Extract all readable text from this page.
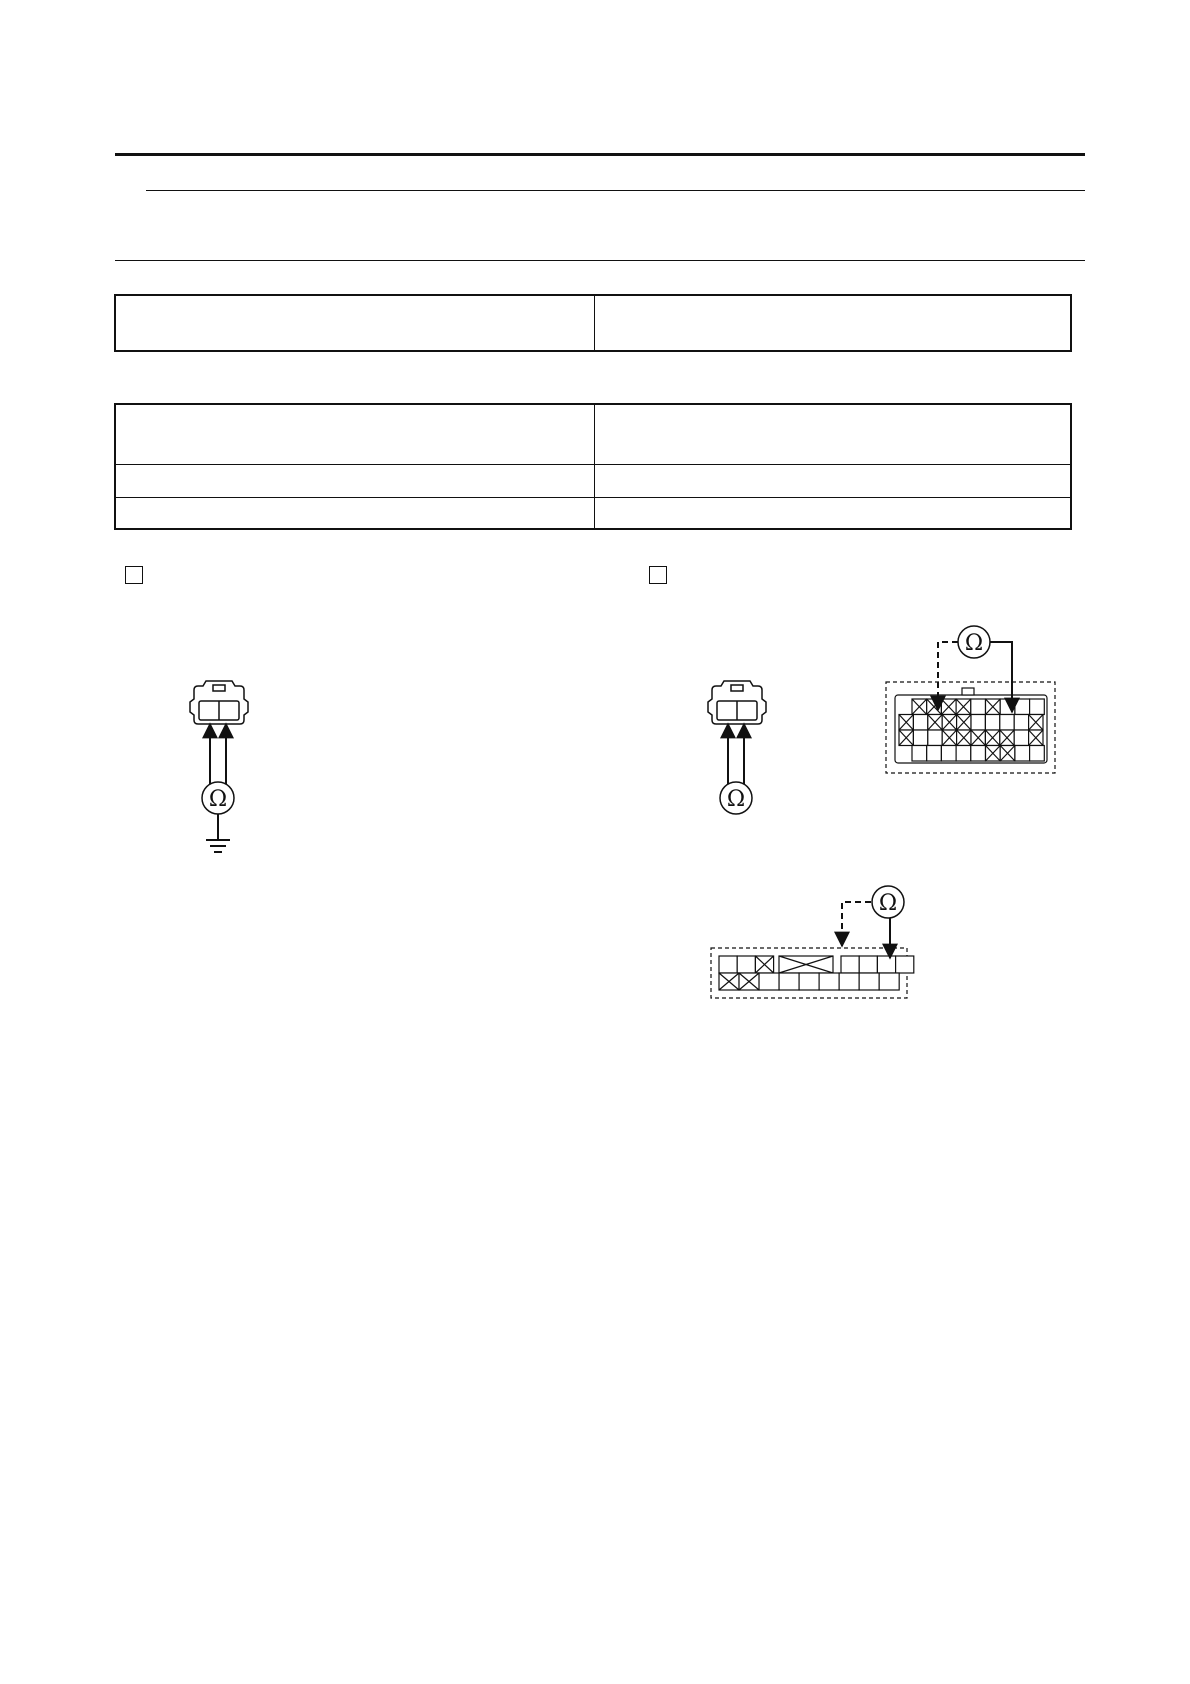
Ω	Ω
Ω
Ω
